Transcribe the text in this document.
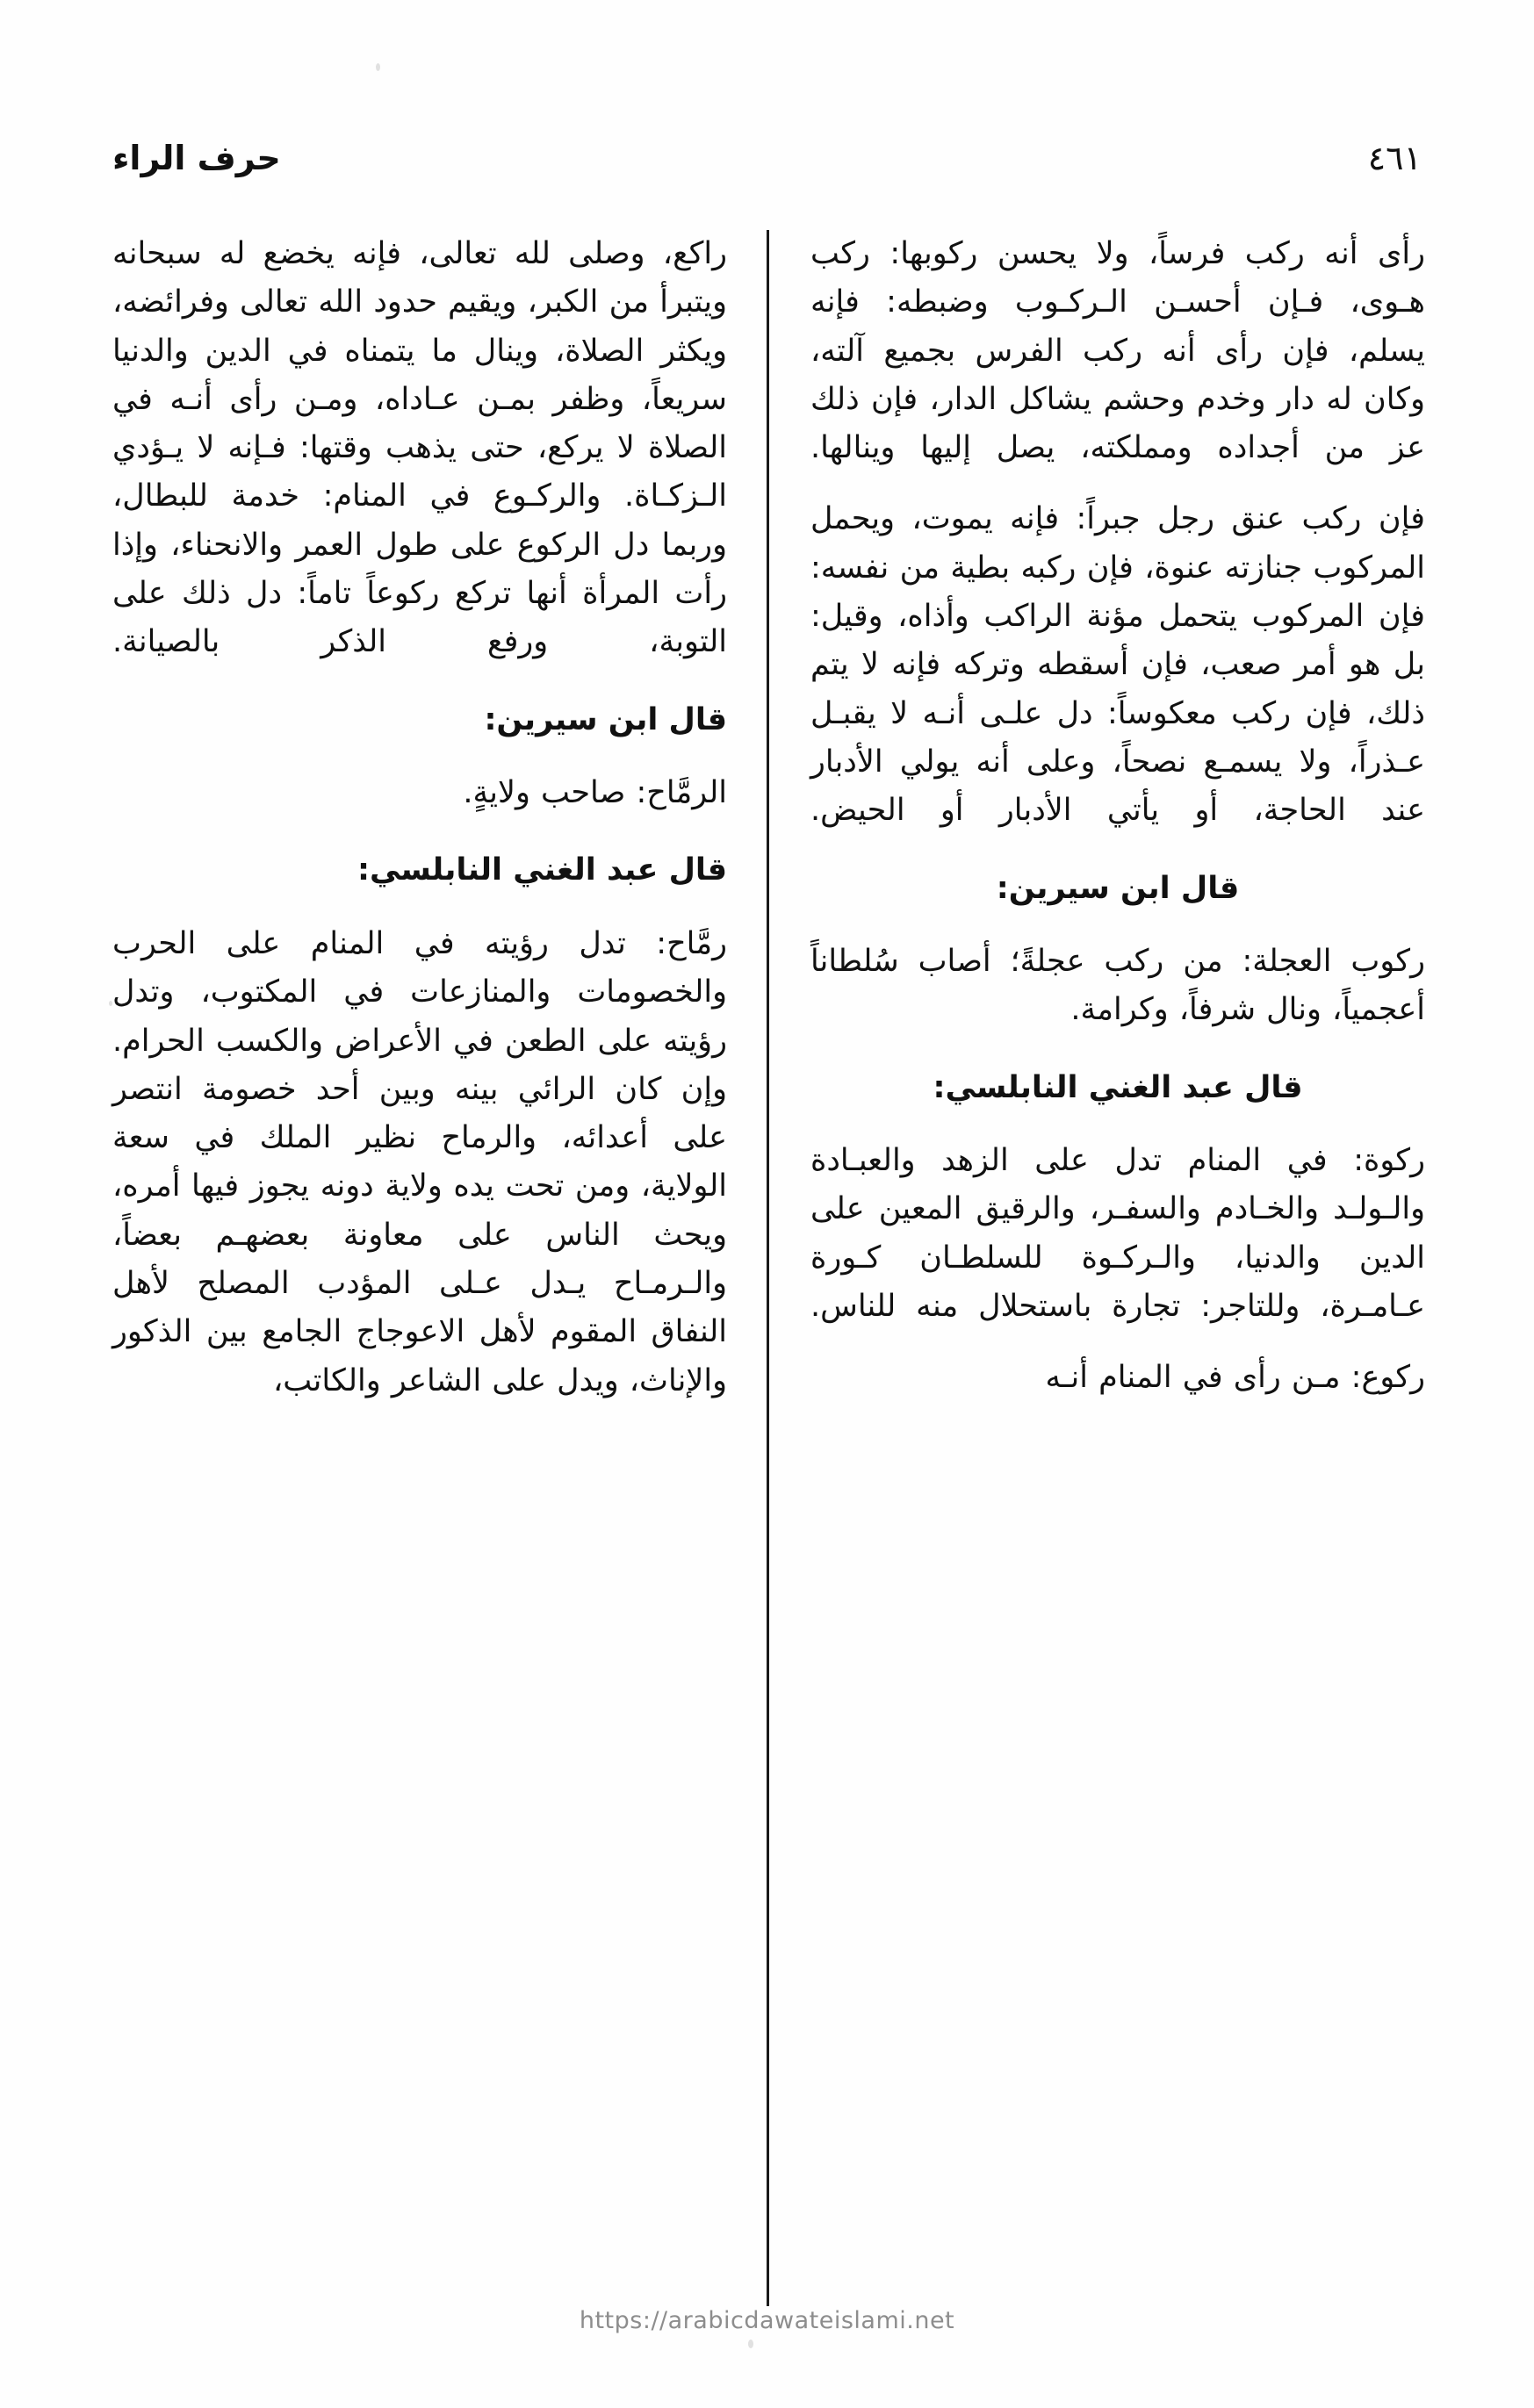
٤٦١
حرف الراء

رأى أنه ركب فرساً، ولا يحسن ركوبها: ركب هـوى، فـإن أحسـن الـركـوب وضبطه: فإنه يسلم، فإن رأى أنه ركب الفرس بجميع آلته، وكان له دار وخدم وحشم يشاكل الدار، فإن ذلك عز من أجداده ومملكته، يصل إليها وينالها.

فإن ركب عنق رجل جبراً: فإنه يموت، ويحمل المركوب جنازته عنوة، فإن ركبه بطية من نفسه: فإن المركوب يتحمل مؤنة الراكب وأذاه، وقيل: بل هو أمر صعب، فإن أسقطه وتركه فإنه لا يتم ذلك، فإن ركب معكوساً: دل علـى أنـه لا يقبـل عـذراً، ولا يسمـع نصحاً، وعلى أنه يولي الأدبار عند الحاجة، أو يأتي الأدبار أو الحيض.

قال ابن سيرين:

ركوب العجلة: من ركب عجلةً؛ أصاب سُلطاناً أعجمياً، ونال شرفاً، وكرامة.

قال عبد الغني النابلسي:

ركوة: في المنام تدل على الزهد والعبـادة والـولـد والخـادم والسفـر، والرقيق المعين على الدين والدنيا، والـركـوة للسلطـان كـورة عـامـرة، وللتاجر: تجارة باستحلال منه للناس.

ركوع: مـن رأى في المنام أنـه

راكع، وصلى لله تعالى، فإنه يخضع له سبحانه ويتبرأ من الكبر، ويقيم حدود الله تعالى وفرائضه، ويكثر الصلاة، وينال ما يتمناه في الدين والدنيا سريعاً، وظفر بمـن عـاداه، ومـن رأى أنـه في الصلاة لا يركع، حتى يذهب وقتها: فـإنه لا يـؤدي الـزكـاة. والركـوع في المنام: خدمة للبطال، وربما دل الركوع على طول العمر والانحناء، وإذا رأت المرأة أنها تركع ركوعاً تاماً: دل ذلك على التوبة، ورفع الذكر بالصيانة.

قال ابن سيرين:

الرمَّاح: صاحب ولايةٍ.

قال عبد الغني النابلسي:

رمَّاح: تدل رؤيته في المنام على الحرب والخصومات والمنازعات في المكتوب، وتدل رؤيته على الطعن في الأعراض والكسب الحرام. وإن كان الرائي بينه وبين أحد خصومة انتصر على أعدائه، والرماح نظير الملك في سعة الولاية، ومن تحت يده ولاية دونه يجوز فيها أمره، ويحث الناس على معاونة بعضهـم بعضاً، والـرمـاح يـدل عـلى المؤدب المصلح لأهل النفاق المقوم لأهل الاعوجاج الجامع بين الذكور والإناث، ويدل على الشاعر والكاتب،

https://arabicdawateislami.net
